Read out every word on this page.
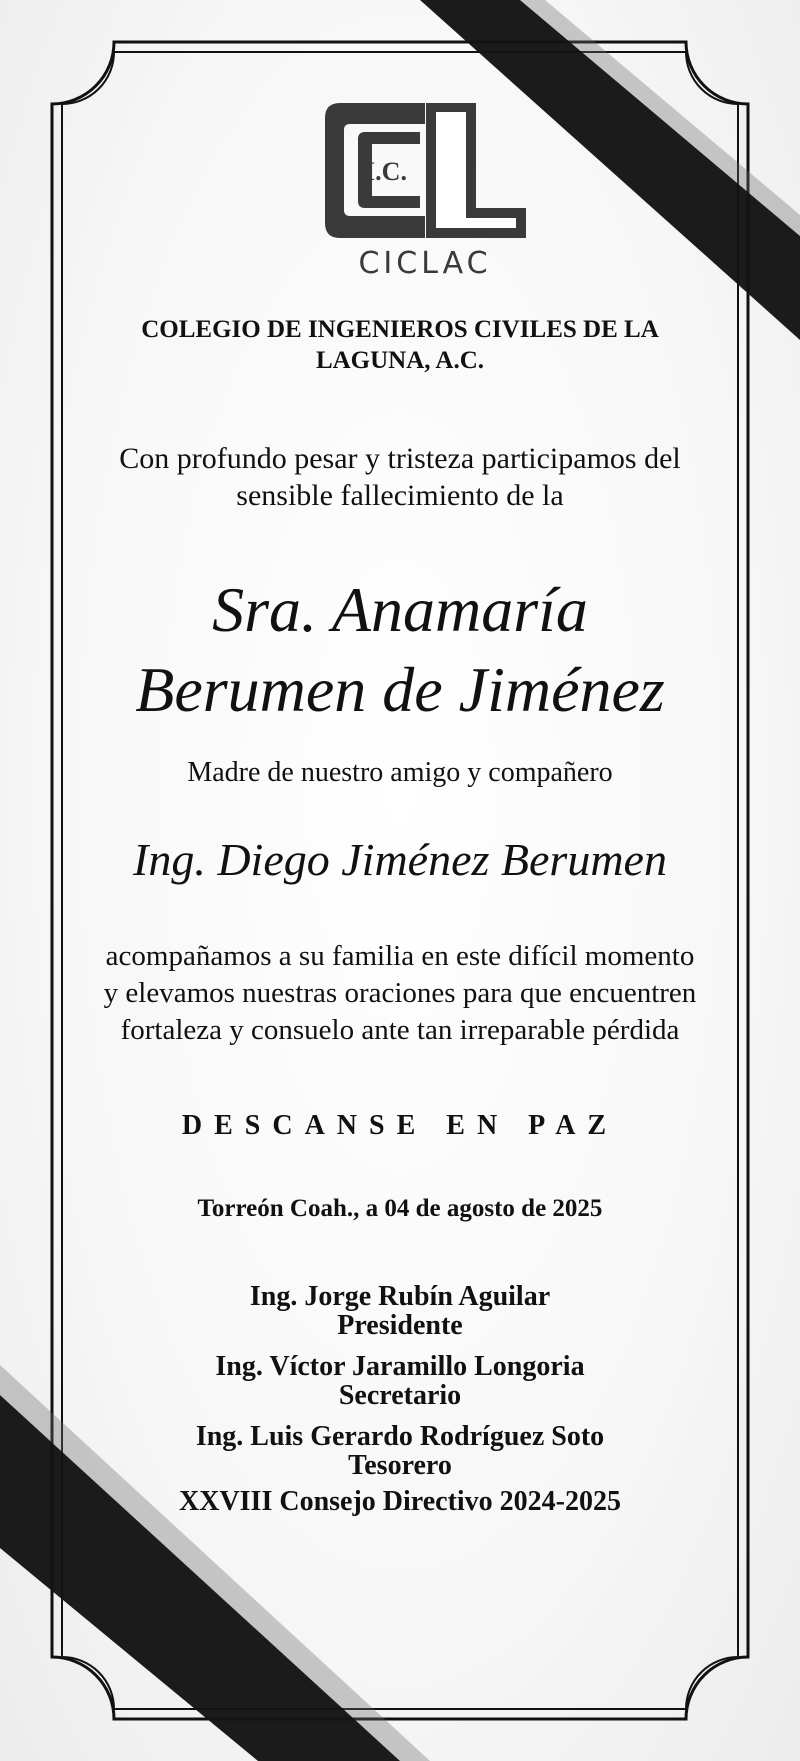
I.C.
CICLAC
COLEGIO DE INGENIEROS CIVILES DE LA
LAGUNA, A.C.
Con profundo pesar y tristeza participamos del
sensible fallecimiento de la
Sra. Anamaría
Berumen de Jiménez
Madre de nuestro amigo y compañero
Ing. Diego Jiménez Berumen
acompañamos a su familia en este difícil momento
y elevamos nuestras oraciones para que encuentren
fortaleza y consuelo ante tan irreparable pérdida
DESCANSE EN PAZ
Torreón Coah., a 04 de agosto de 2025
Ing. Jorge Rubín Aguilar
Presidente
Ing. Víctor Jaramillo Longoria
Secretario
Ing. Luis Gerardo Rodríguez Soto
Tesorero
XXVIII Consejo Directivo 2024-2025
